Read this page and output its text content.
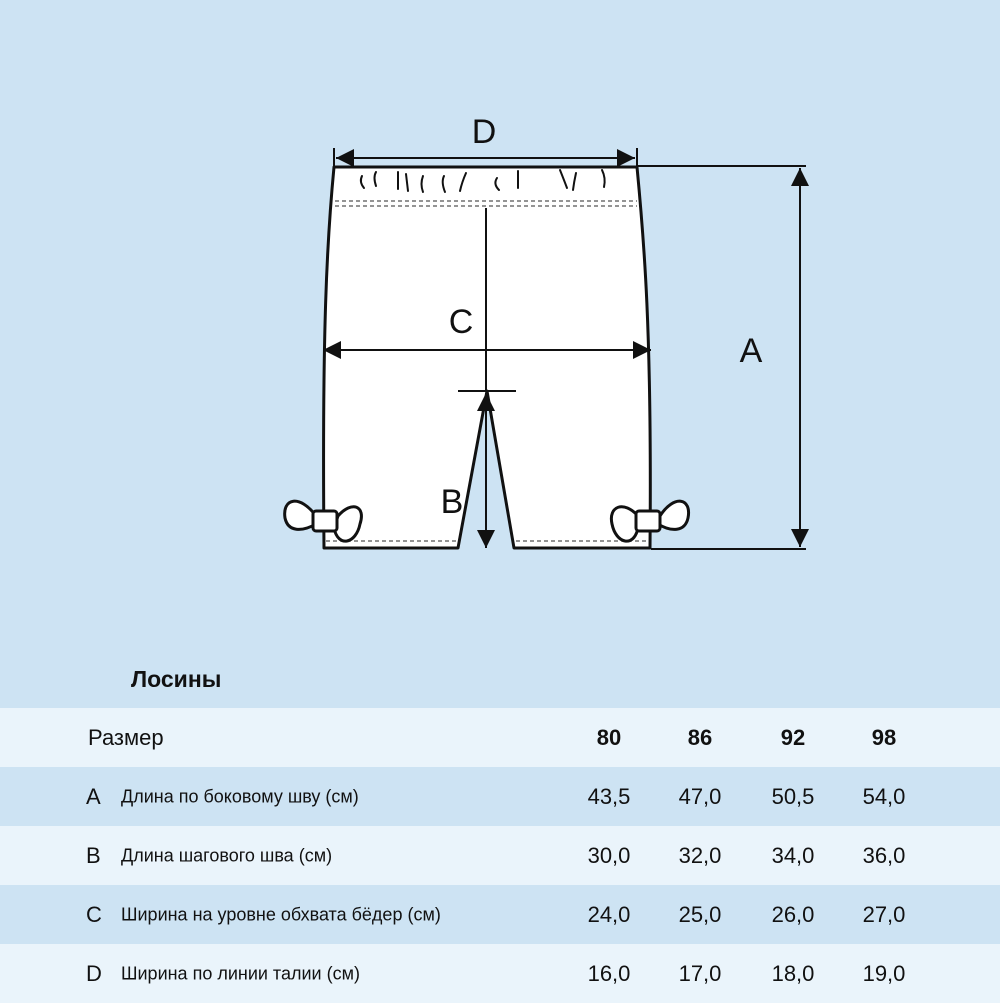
D
C
B
A
Лосины
Размер	80	86	92	98
A Длина по боковому шву (см)	43,5	47,0	50,5	54,0
B Длина шагового шва (см)	30,0	32,0	34,0	36,0
C Ширина на уровне обхвата бёдер (см)	24,0	25,0	26,0	27,0
D Ширина по линии талии (см)	16,0	17,0	18,0	19,0
